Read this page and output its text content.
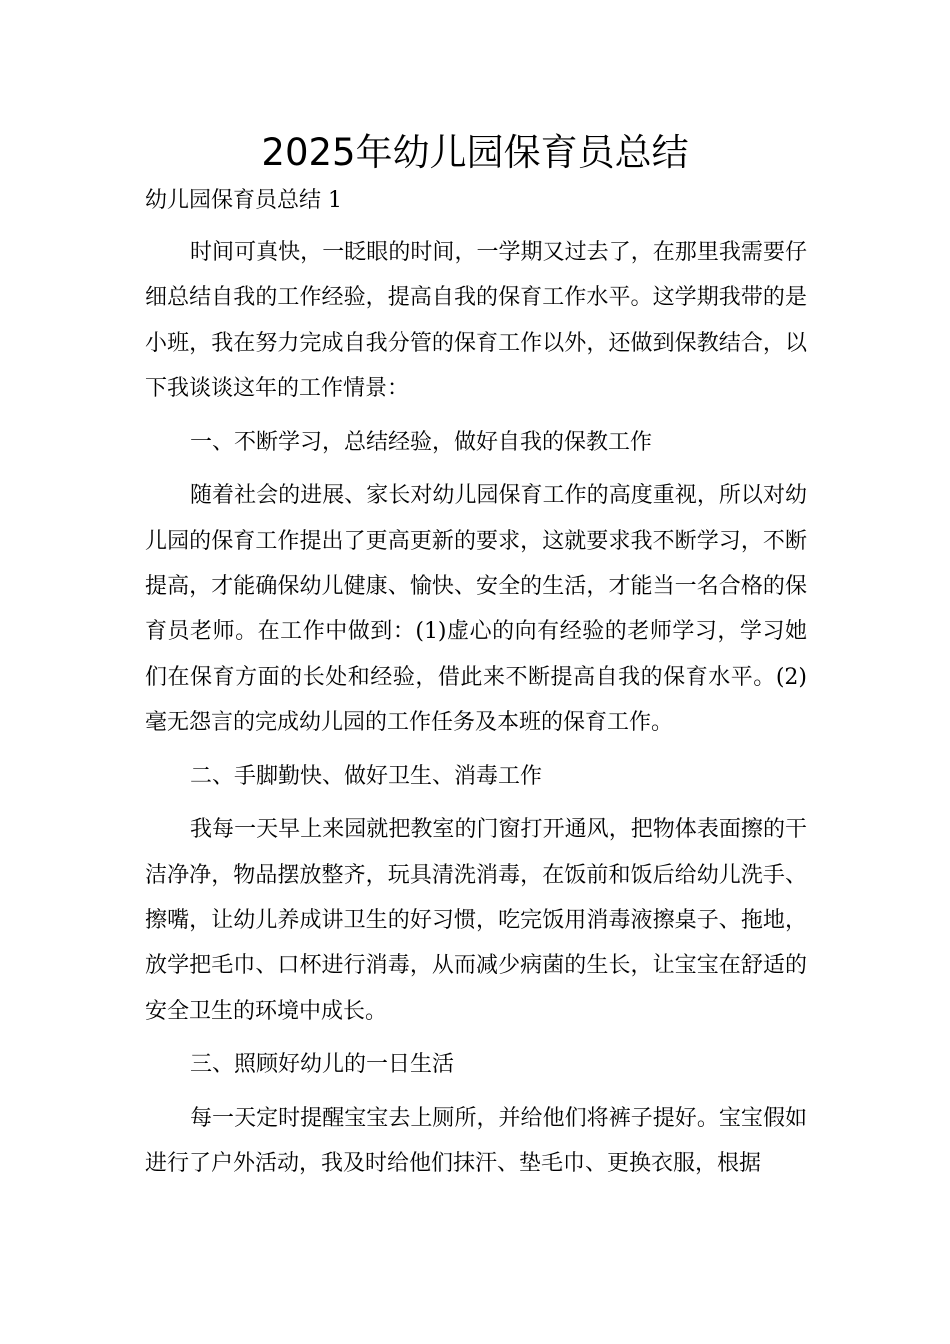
2025年幼儿园保育员总结
幼儿园保育员总结 1

时间可真快，一眨眼的时间，一学期又过去了，在那里我需要仔细总结自我的工作经验，提高自我的保育工作水平。这学期我带的是小班，我在努力完成自我分管的保育工作以外，还做到保教结合，以下我谈谈这年的工作情景：

一、不断学习，总结经验，做好自我的保教工作

随着社会的进展、家长对幼儿园保育工作的高度重视，所以对幼儿园的保育工作提出了更高更新的要求，这就要求我不断学习，不断提高，才能确保幼儿健康、愉快、安全的生活，才能当一名合格的保育员老师。在工作中做到：(1)虚心的向有经验的老师学习，学习她们在保育方面的长处和经验，借此来不断提高自我的保育水平。(2)毫无怨言的完成幼儿园的工作任务及本班的保育工作。

二、手脚勤快、做好卫生、消毒工作

我每一天早上来园就把教室的门窗打开通风，把物体表面擦的干洁净净，物品摆放整齐，玩具清洗消毒，在饭前和饭后给幼儿洗手、擦嘴，让幼儿养成讲卫生的好习惯，吃完饭用消毒液擦桌子、拖地，放学把毛巾、口杯进行消毒，从而减少病菌的生长，让宝宝在舒适的安全卫生的环境中成长。

三、照顾好幼儿的一日生活

每一天定时提醒宝宝去上厕所，并给他们将裤子提好。宝宝假如进行了户外活动，我及时给他们抹汗、垫毛巾、更换衣服，根据
